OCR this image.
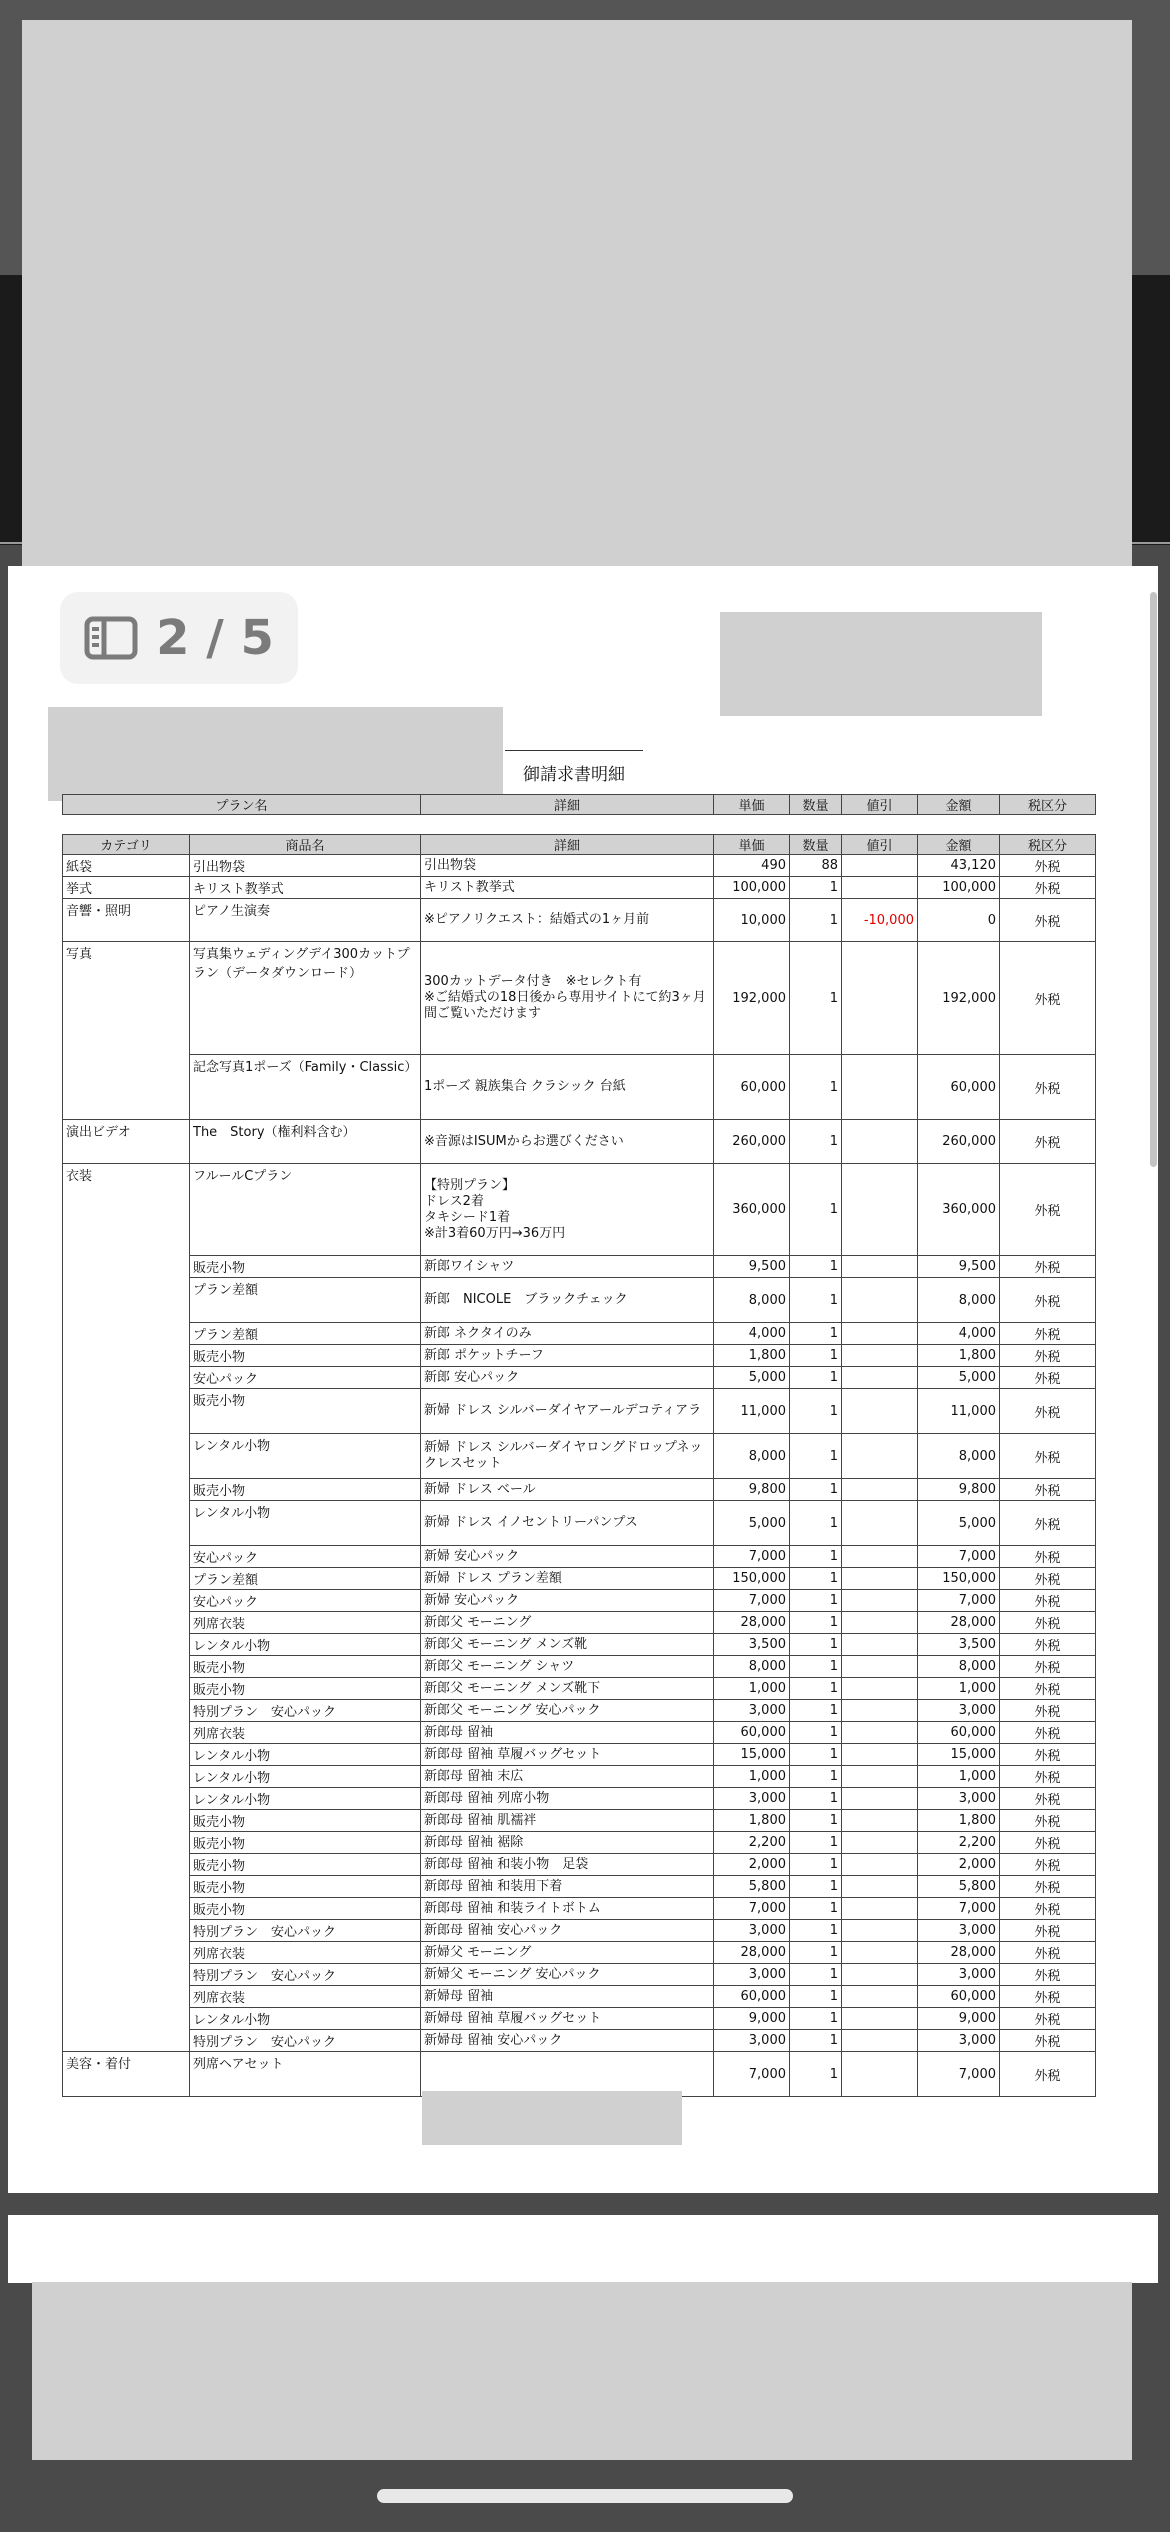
2 / 5
御請求書明細
プラン名	詳細	単価	数量	値引	金額	税区分
カテゴリ	商品名	詳細	単価	数量	値引	金額	税区分
紙袋	引出物袋	引出物袋	490	88		43,120	外税
挙式	キリスト教挙式	キリスト教挙式	100,000	1		100,000	外税
音響・照明	ピアノ生演奏	※ピアノリクエスト：結婚式の1ヶ月前	10,000	1	-10,000	0	外税
写真	写真集ウェディングデイ300カットプラン（データダウンロード）	300カットデータ付き　※セレクト有
※ご結婚式の18日後から専用サイトにて約3ヶ月間ご覧いただけます	192,000	1		192,000	外税
	記念写真1ポーズ（Family・Classic）	1ポーズ 親族集合 クラシック 台紙	60,000	1		60,000	外税
演出ビデオ	The　Story（権利料含む）	※音源はISUMからお選びください	260,000	1		260,000	外税
衣装	フルールCプラン	【特別プラン】
ドレス2着
タキシード1着
※計3着60万円→36万円	360,000	1		360,000	外税
	販売小物	新郎ワイシャツ	9,500	1		9,500	外税
	プラン差額	新郎　NICOLE　ブラックチェック	8,000	1		8,000	外税
	プラン差額	新郎 ネクタイのみ	4,000	1		4,000	外税
	販売小物	新郎 ポケットチーフ	1,800	1		1,800	外税
	安心パック	新郎 安心パック	5,000	1		5,000	外税
	販売小物	新婦 ドレス シルバーダイヤアールデコティアラ	11,000	1		11,000	外税
	レンタル小物	新婦 ドレス シルバーダイヤロングドロップネックレスセット	8,000	1		8,000	外税
	販売小物	新婦 ドレス ベール	9,800	1		9,800	外税
	レンタル小物	新婦 ドレス イノセントリーパンプス	5,000	1		5,000	外税
	安心パック	新婦 安心パック	7,000	1		7,000	外税
	プラン差額	新婦 ドレス プラン差額	150,000	1		150,000	外税
	安心パック	新婦 安心パック	7,000	1		7,000	外税
	列席衣装	新郎父 モーニング	28,000	1		28,000	外税
	レンタル小物	新郎父 モーニング メンズ靴	3,500	1		3,500	外税
	販売小物	新郎父 モーニング シャツ	8,000	1		8,000	外税
	販売小物	新郎父 モーニング メンズ靴下	1,000	1		1,000	外税
	特別プラン　安心パック	新郎父 モーニング 安心パック	3,000	1		3,000	外税
	列席衣装	新郎母 留袖	60,000	1		60,000	外税
	レンタル小物	新郎母 留袖 草履バッグセット	15,000	1		15,000	外税
	レンタル小物	新郎母 留袖 末広	1,000	1		1,000	外税
	レンタル小物	新郎母 留袖 列席小物	3,000	1		3,000	外税
	販売小物	新郎母 留袖 肌襦袢	1,800	1		1,800	外税
	販売小物	新郎母 留袖 裾除	2,200	1		2,200	外税
	販売小物	新郎母 留袖 和装小物　足袋	2,000	1		2,000	外税
	販売小物	新郎母 留袖 和装用下着	5,800	1		5,800	外税
	販売小物	新郎母 留袖 和装ライトボトム	7,000	1		7,000	外税
	特別プラン　安心パック	新郎母 留袖 安心パック	3,000	1		3,000	外税
	列席衣装	新婦父 モーニング	28,000	1		28,000	外税
	特別プラン　安心パック	新婦父 モーニング 安心パック	3,000	1		3,000	外税
	列席衣装	新婦母 留袖	60,000	1		60,000	外税
	レンタル小物	新婦母 留袖 草履バッグセット	9,000	1		9,000	外税
	特別プラン　安心パック	新婦母 留袖 安心パック	3,000	1		3,000	外税
美容・着付	列席ヘアセット		7,000	1		7,000	外税
